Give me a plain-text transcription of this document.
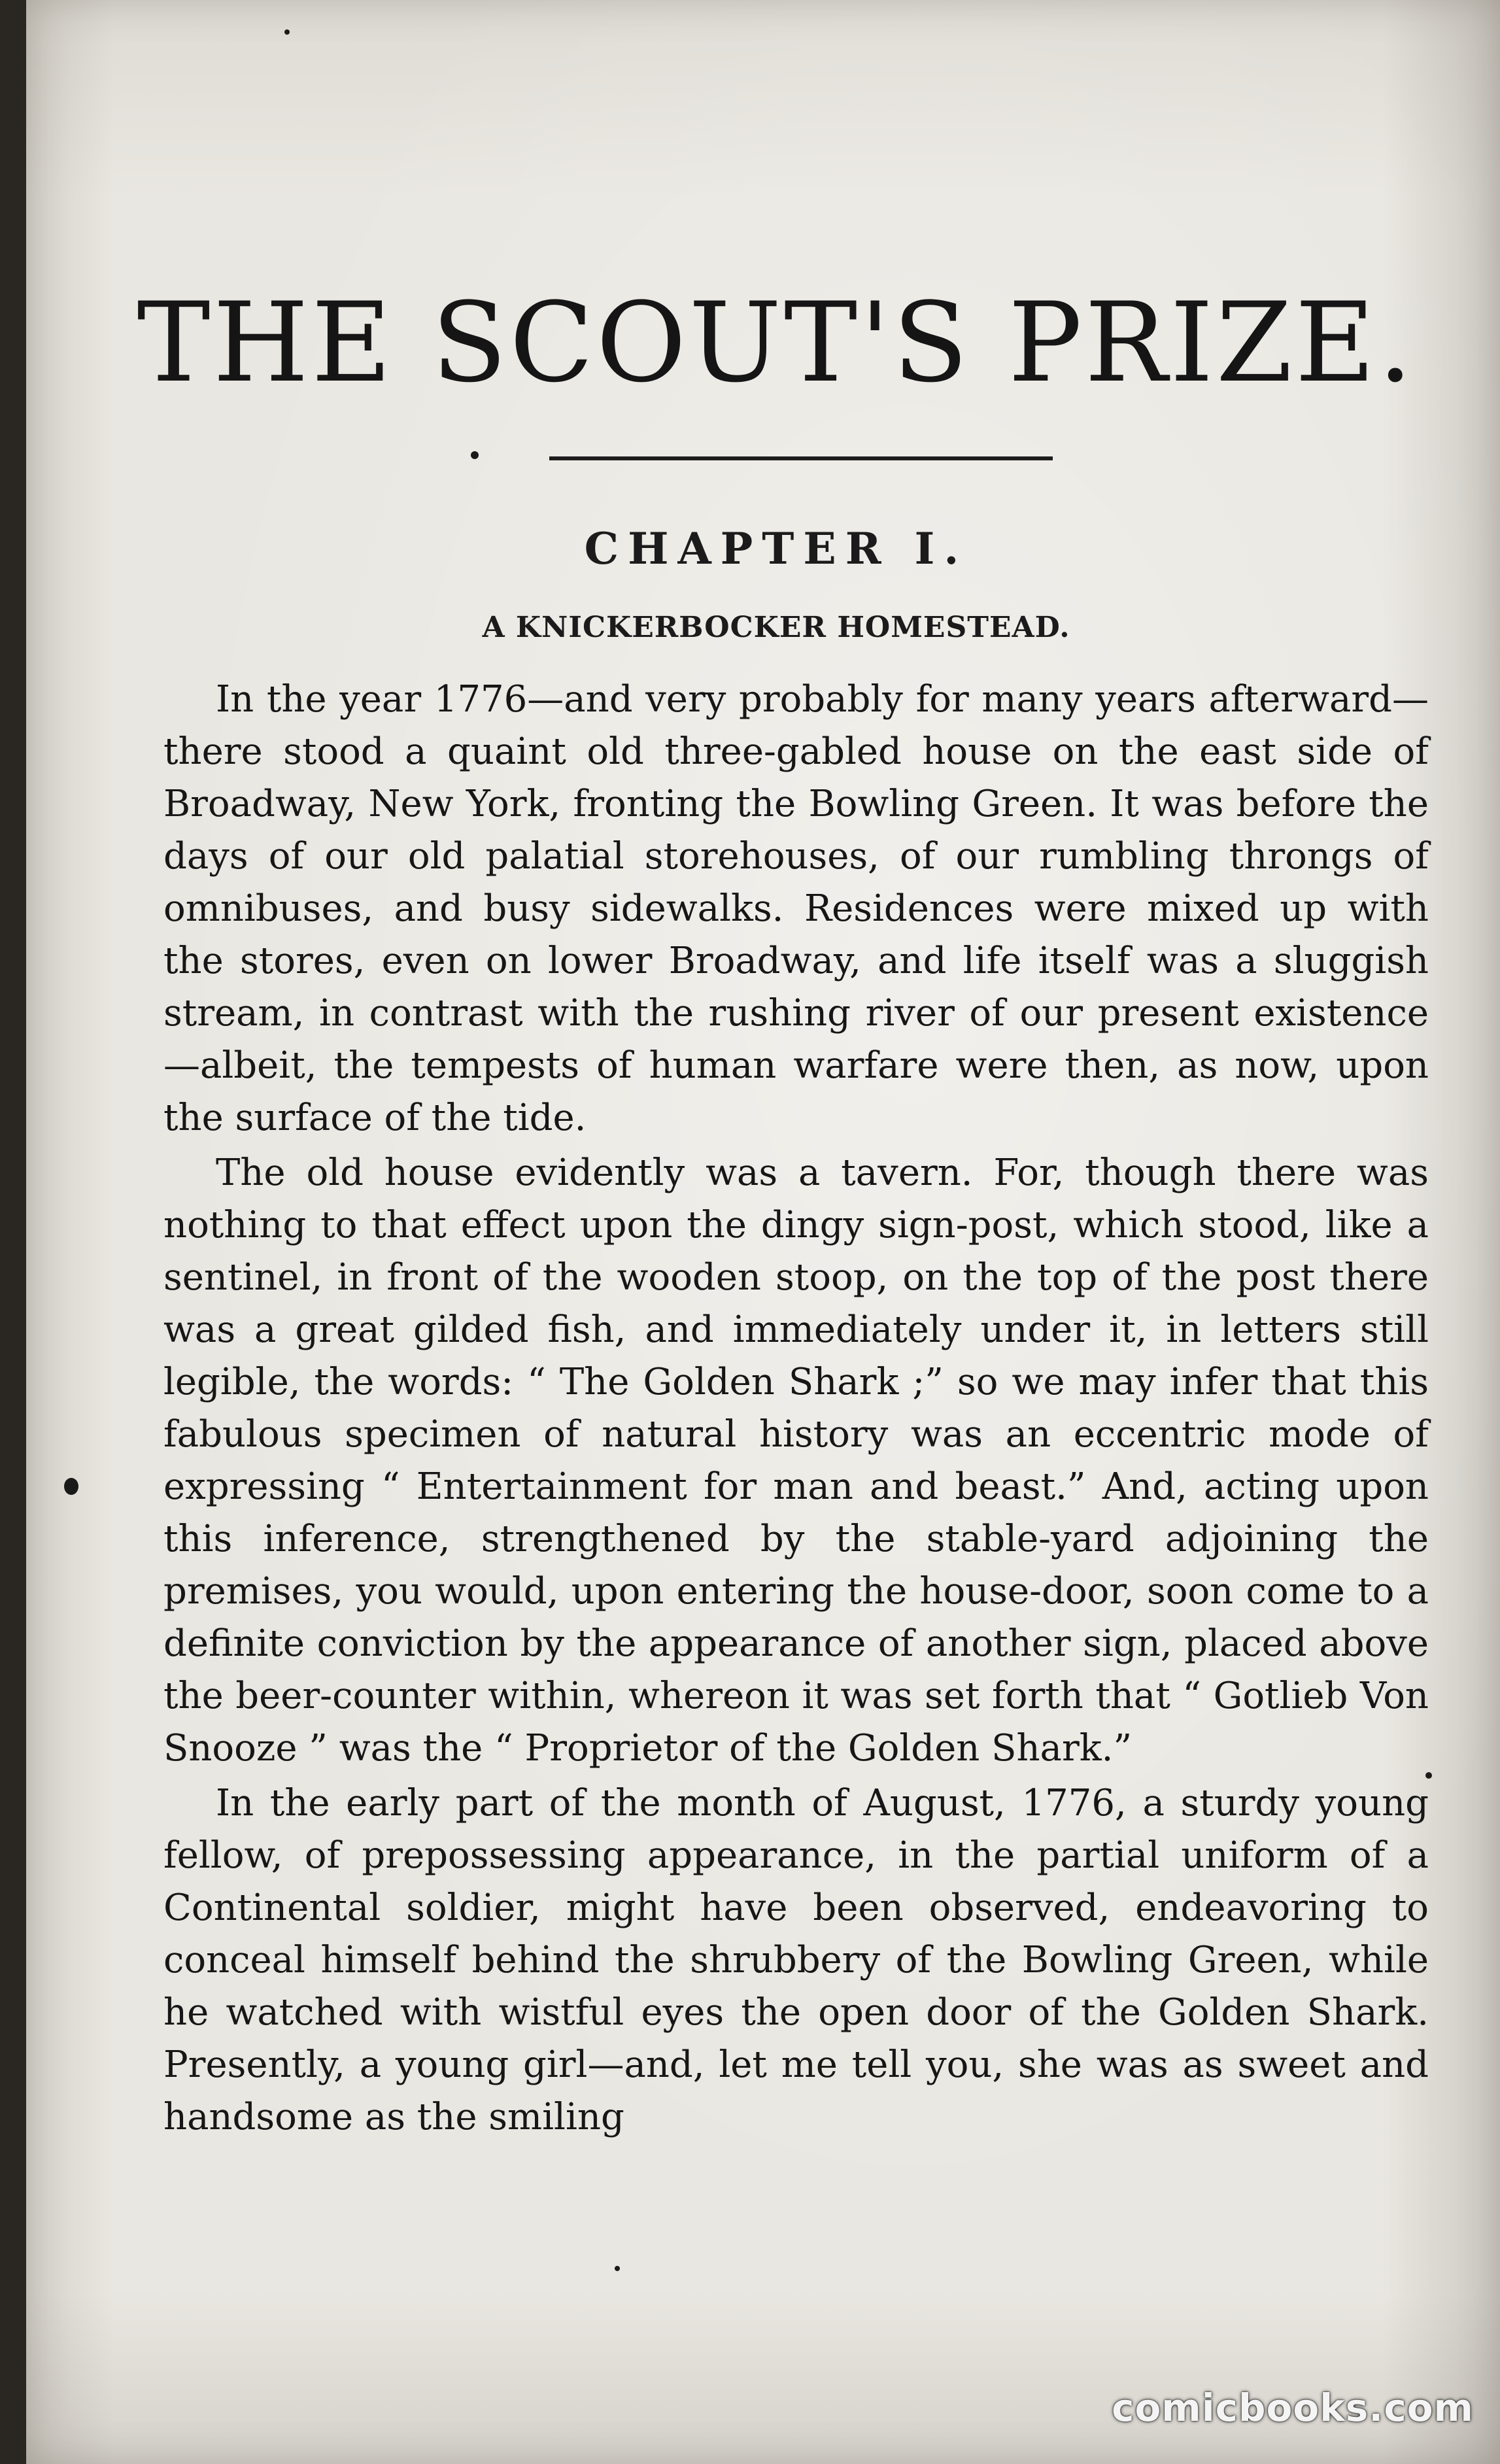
THE SCOUT'S PRIZE.
CHAPTER I.
A KNICKERBOCKER HOMESTEAD.

In the year 1776—and very probably for many years afterward—there stood a quaint old three-gabled house on the east side of Broadway, New York, fronting the Bowling Green. It was before the days of our old palatial storehouses, of our rumbling throngs of omnibuses, and busy sidewalks. Residences were mixed up with the stores, even on lower Broadway, and life itself was a sluggish stream, in contrast with the rushing river of our present existence—albeit, the tempests of human warfare were then, as now, upon the surface of the tide.

The old house evidently was a tavern. For, though there was nothing to that effect upon the dingy sign-post, which stood, like a sentinel, in front of the wooden stoop, on the top of the post there was a great gilded fish, and immediately under it, in letters still legible, the words: “ The Golden Shark ;” so we may infer that this fabulous specimen of natural history was an eccentric mode of expressing “ Entertainment for man and beast.” And, acting upon this inference, strengthened by the stable-yard adjoining the premises, you would, upon entering the house-door, soon come to a definite conviction by the appearance of another sign, placed above the beer-counter within, whereon it was set forth that “ Gotlieb Von Snooze ” was the “ Proprietor of the Golden Shark.”

In the early part of the month of August, 1776, a sturdy young fellow, of prepossessing appearance, in the partial uniform of a Continental soldier, might have been observed, endeavoring to conceal himself behind the shrubbery of the Bowling Green, while he watched with wistful eyes the open door of the Golden Shark. Presently, a young girl—and, let me tell you, she was as sweet and handsome as the smiling

comicbooks.com
